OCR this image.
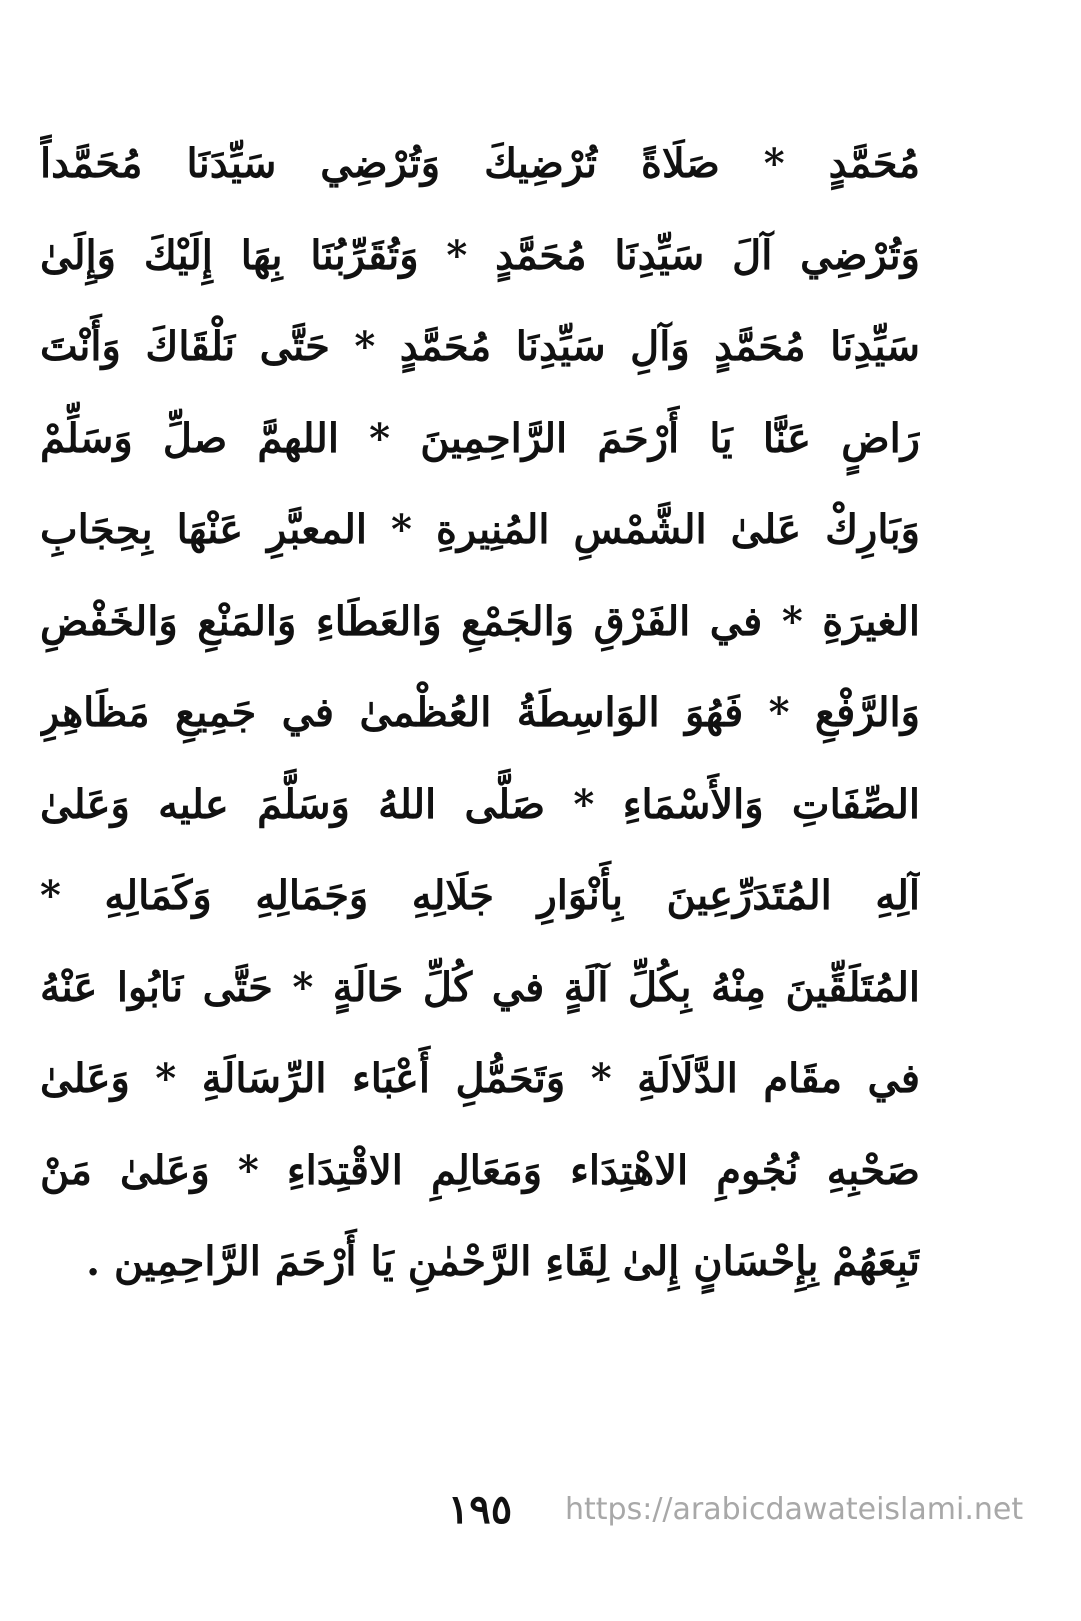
مُحَمَّدٍ * صَلَاةً تُرْضِيكَ وَتُرْضِي سَيِّدَنَا مُحَمَّداً
وَتُرْضِي آلَ سَيِّدِنَا مُحَمَّدٍ * وَتُقَرِّبُنَا بِهَا إِلَيْكَ وَإِلَىٰ
سَيِّدِنَا مُحَمَّدٍ وَآلِ سَيِّدِنَا مُحَمَّدٍ * حَتَّى نَلْقَاكَ وَأَنْتَ
رَاضٍ عَنَّا يَا أَرْحَمَ الرَّاحِمِينَ * اللهمَّ صلِّ وَسَلِّمْ
وَبَارِكْ عَلىٰ الشَّمْسِ المُنِيرةِ * المعبَّرِ عَنْهَا بِحِجَابِ
الغيرَةِ * في الفَرْقِ وَالجَمْعِ وَالعَطَاءِ وَالمَنْعِ وَالخَفْضِ
وَالرَّفْعِ * فَهُوَ الوَاسِطَةُ العُظْمىٰ في جَمِيعِ مَظَاهِرِ
الصِّفَاتِ وَالأَسْمَاءِ * صَلَّى اللهُ وَسَلَّمَ عليه وَعَلىٰ
آلِهِ المُتَدَرِّعِينَ بِأَنْوَارِ جَلَالِهِ وَجَمَالِهِ وَكَمَالِهِ *
المُتَلَقِّينَ مِنْهُ بِكُلِّ آلَةٍ في كُلِّ حَالَةٍ * حَتَّى نَابُوا عَنْهُ
في مقَام الدَّلَالَةِ * وَتَحَمُّلِ أَعْبَاء الرِّسَالَةِ * وَعَلىٰ
صَحْبِهِ نُجُومِ الاهْتِدَاء وَمَعَالِمِ الاقْتِدَاءِ * وَعَلىٰ مَنْ
تَبِعَهُمْ بِإِحْسَانٍ إِلىٰ لِقَاءِ الرَّحْمٰنِ يَا أَرْحَمَ الرَّاحِمِين .
١٩٥	https://arabicdawateislami.net
